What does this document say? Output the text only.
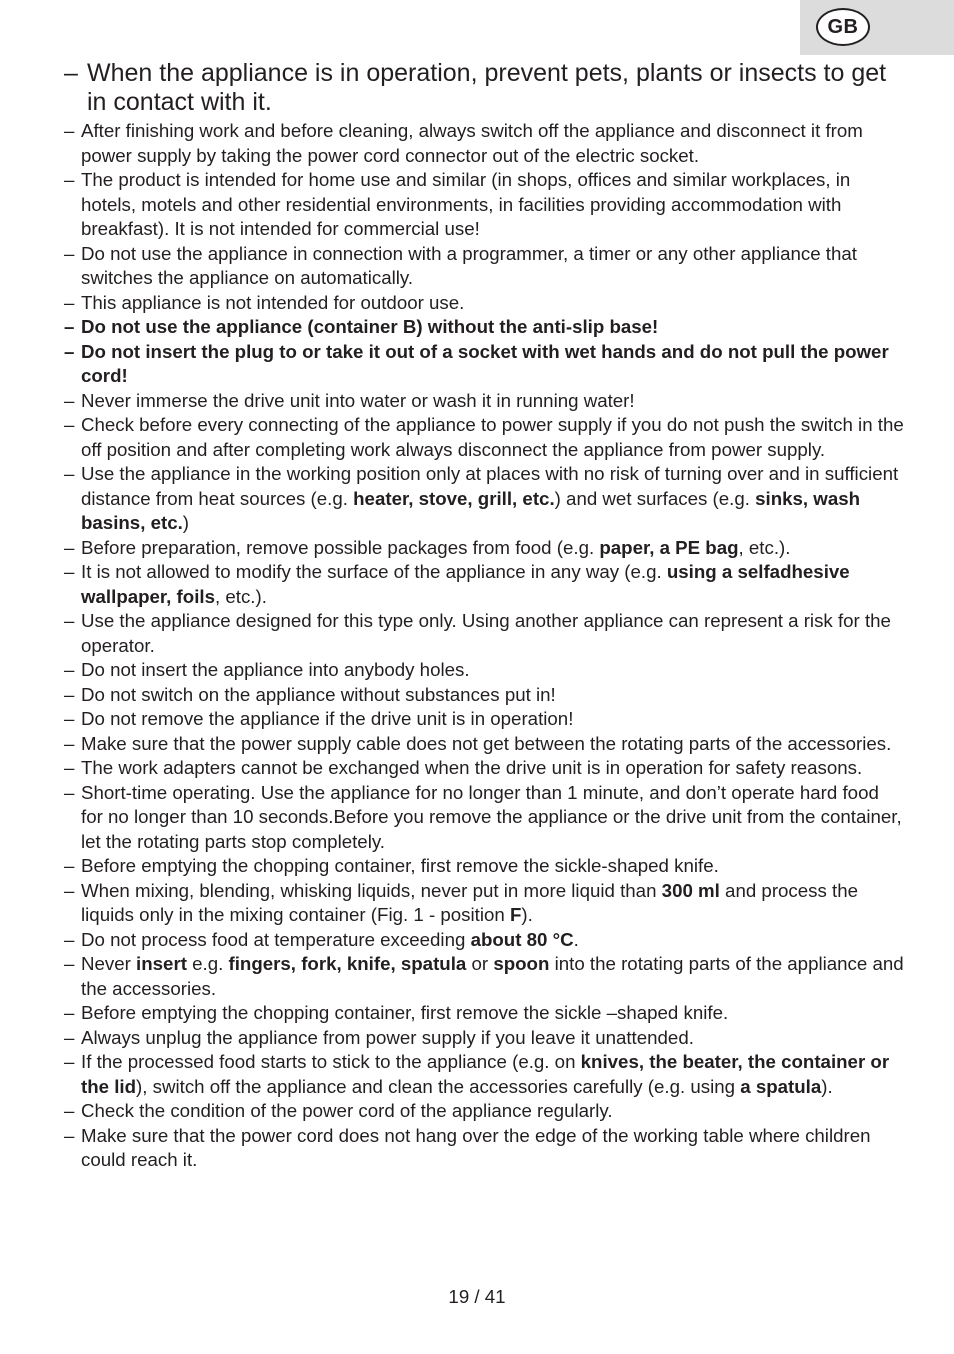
GB
– When the appliance is in operation, prevent pets, plants or insects to get in contact with it.
– After finishing work and before cleaning, always switch off the appliance and disconnect it from power supply by taking the power cord connector out of the electric socket.
– The product is intended for home use and similar (in shops, offices and similar workplaces, in hotels, motels and other residential environments, in facilities providing accommodation with breakfast). It is not intended for commercial use!
– Do not use the appliance in connection with a programmer, a timer or any other appliance that switches the appliance on automatically.
– This appliance is not intended for outdoor use.
– Do not use the appliance (container B) without the anti-slip base!
– Do not insert the plug to or take it out of a socket with wet hands and do not pull the power cord!
– Never immerse the drive unit into water or wash it in running water!
– Check before every connecting of the appliance to power supply if you do not push the switch in the off position and after completing work always disconnect the appliance from power supply.
– Use the appliance in the working position only at places with no risk of turning over and in sufficient distance from heat sources (e.g. heater, stove, grill, etc.) and wet surfaces (e.g. sinks, wash basins, etc.)
– Before preparation, remove possible packages from food (e.g. paper, a PE bag, etc.).
– It is not allowed to modify the surface of the appliance in any way (e.g. using a selfadhesive wallpaper, foils, etc.).
– Use the appliance designed for this type only. Using another appliance can represent a risk for the operator.
– Do not insert the appliance into anybody holes.
– Do not switch on the appliance without substances put in!
– Do not remove the appliance if the drive unit is in operation!
– Make sure that the power supply cable does not get between the rotating parts of the accessories.
– The work adapters cannot be exchanged when the drive unit is in operation for safety reasons.
– Short-time operating. Use the appliance for no longer than 1 minute, and don’t operate hard food for no longer than 10 seconds.Before you remove the appliance or the drive unit from the container, let the rotating parts stop completely.
– Before emptying the chopping container, first remove the sickle-shaped knife.
– When mixing, blending, whisking liquids, never put in more liquid than 300 ml and process the liquids only in the mixing container (Fig. 1 - position F).
– Do not process food at temperature exceeding about 80 °C.
– Never insert e.g. fingers, fork, knife, spatula or spoon into the rotating parts of the appliance and the accessories.
– Before emptying the chopping container, first remove the sickle –shaped knife.
– Always unplug the appliance from power supply if you leave it unattended.
– If the processed food starts to stick to the appliance (e.g. on knives, the beater, the container or the lid), switch off the appliance and clean the accessories carefully (e.g. using a spatula).
– Check the condition of the power cord of the appliance regularly.
– Make sure that the power cord does not hang over the edge of the working table where children could reach it.
19 / 41
